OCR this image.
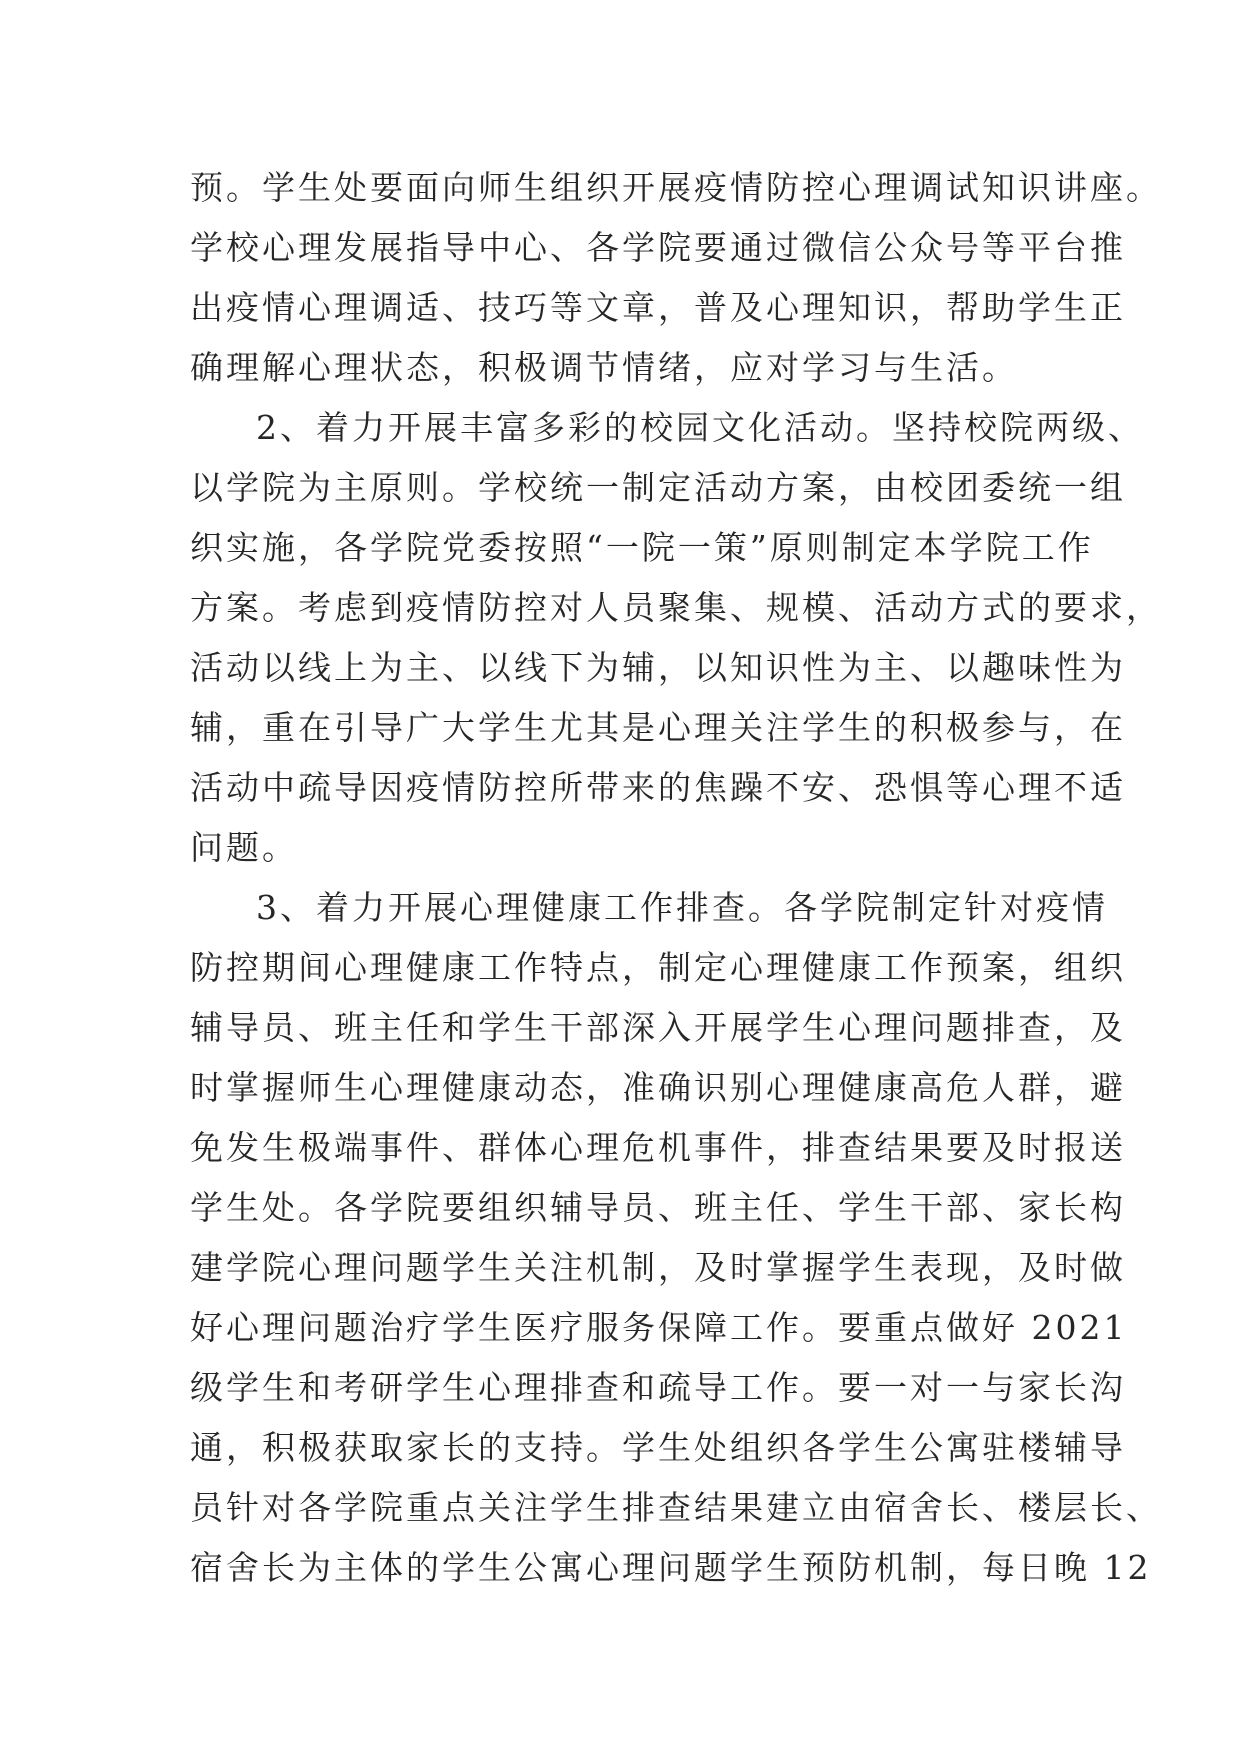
预。学生处要面向师生组织开展疫情防控心理调试知识讲座。
学校心理发展指导中心、各学院要通过微信公众号等平台推
出疫情心理调适、技巧等文章，普及心理知识，帮助学生正
确理解心理状态，积极调节情绪，应对学习与生活。
2、着力开展丰富多彩的校园文化活动。坚持校院两级、
以学院为主原则。学校统一制定活动方案，由校团委统一组
织实施，各学院党委按照“一院一策”原则制定本学院工作
方案。考虑到疫情防控对人员聚集、规模、活动方式的要求，
活动以线上为主、以线下为辅，以知识性为主、以趣味性为
辅，重在引导广大学生尤其是心理关注学生的积极参与，在
活动中疏导因疫情防控所带来的焦躁不安、恐惧等心理不适
问题。
3、着力开展心理健康工作排查。各学院制定针对疫情
防控期间心理健康工作特点，制定心理健康工作预案，组织
辅导员、班主任和学生干部深入开展学生心理问题排查，及
时掌握师生心理健康动态，准确识别心理健康高危人群，避
免发生极端事件、群体心理危机事件，排查结果要及时报送
学生处。各学院要组织辅导员、班主任、学生干部、家长构
建学院心理问题学生关注机制，及时掌握学生表现，及时做
好心理问题治疗学生医疗服务保障工作。要重点做好 2021
级学生和考研学生心理排查和疏导工作。要一对一与家长沟
通，积极获取家长的支持。学生处组织各学生公寓驻楼辅导
员针对各学院重点关注学生排查结果建立由宿舍长、楼层长、
宿舍长为主体的学生公寓心理问题学生预防机制，每日晚 12
